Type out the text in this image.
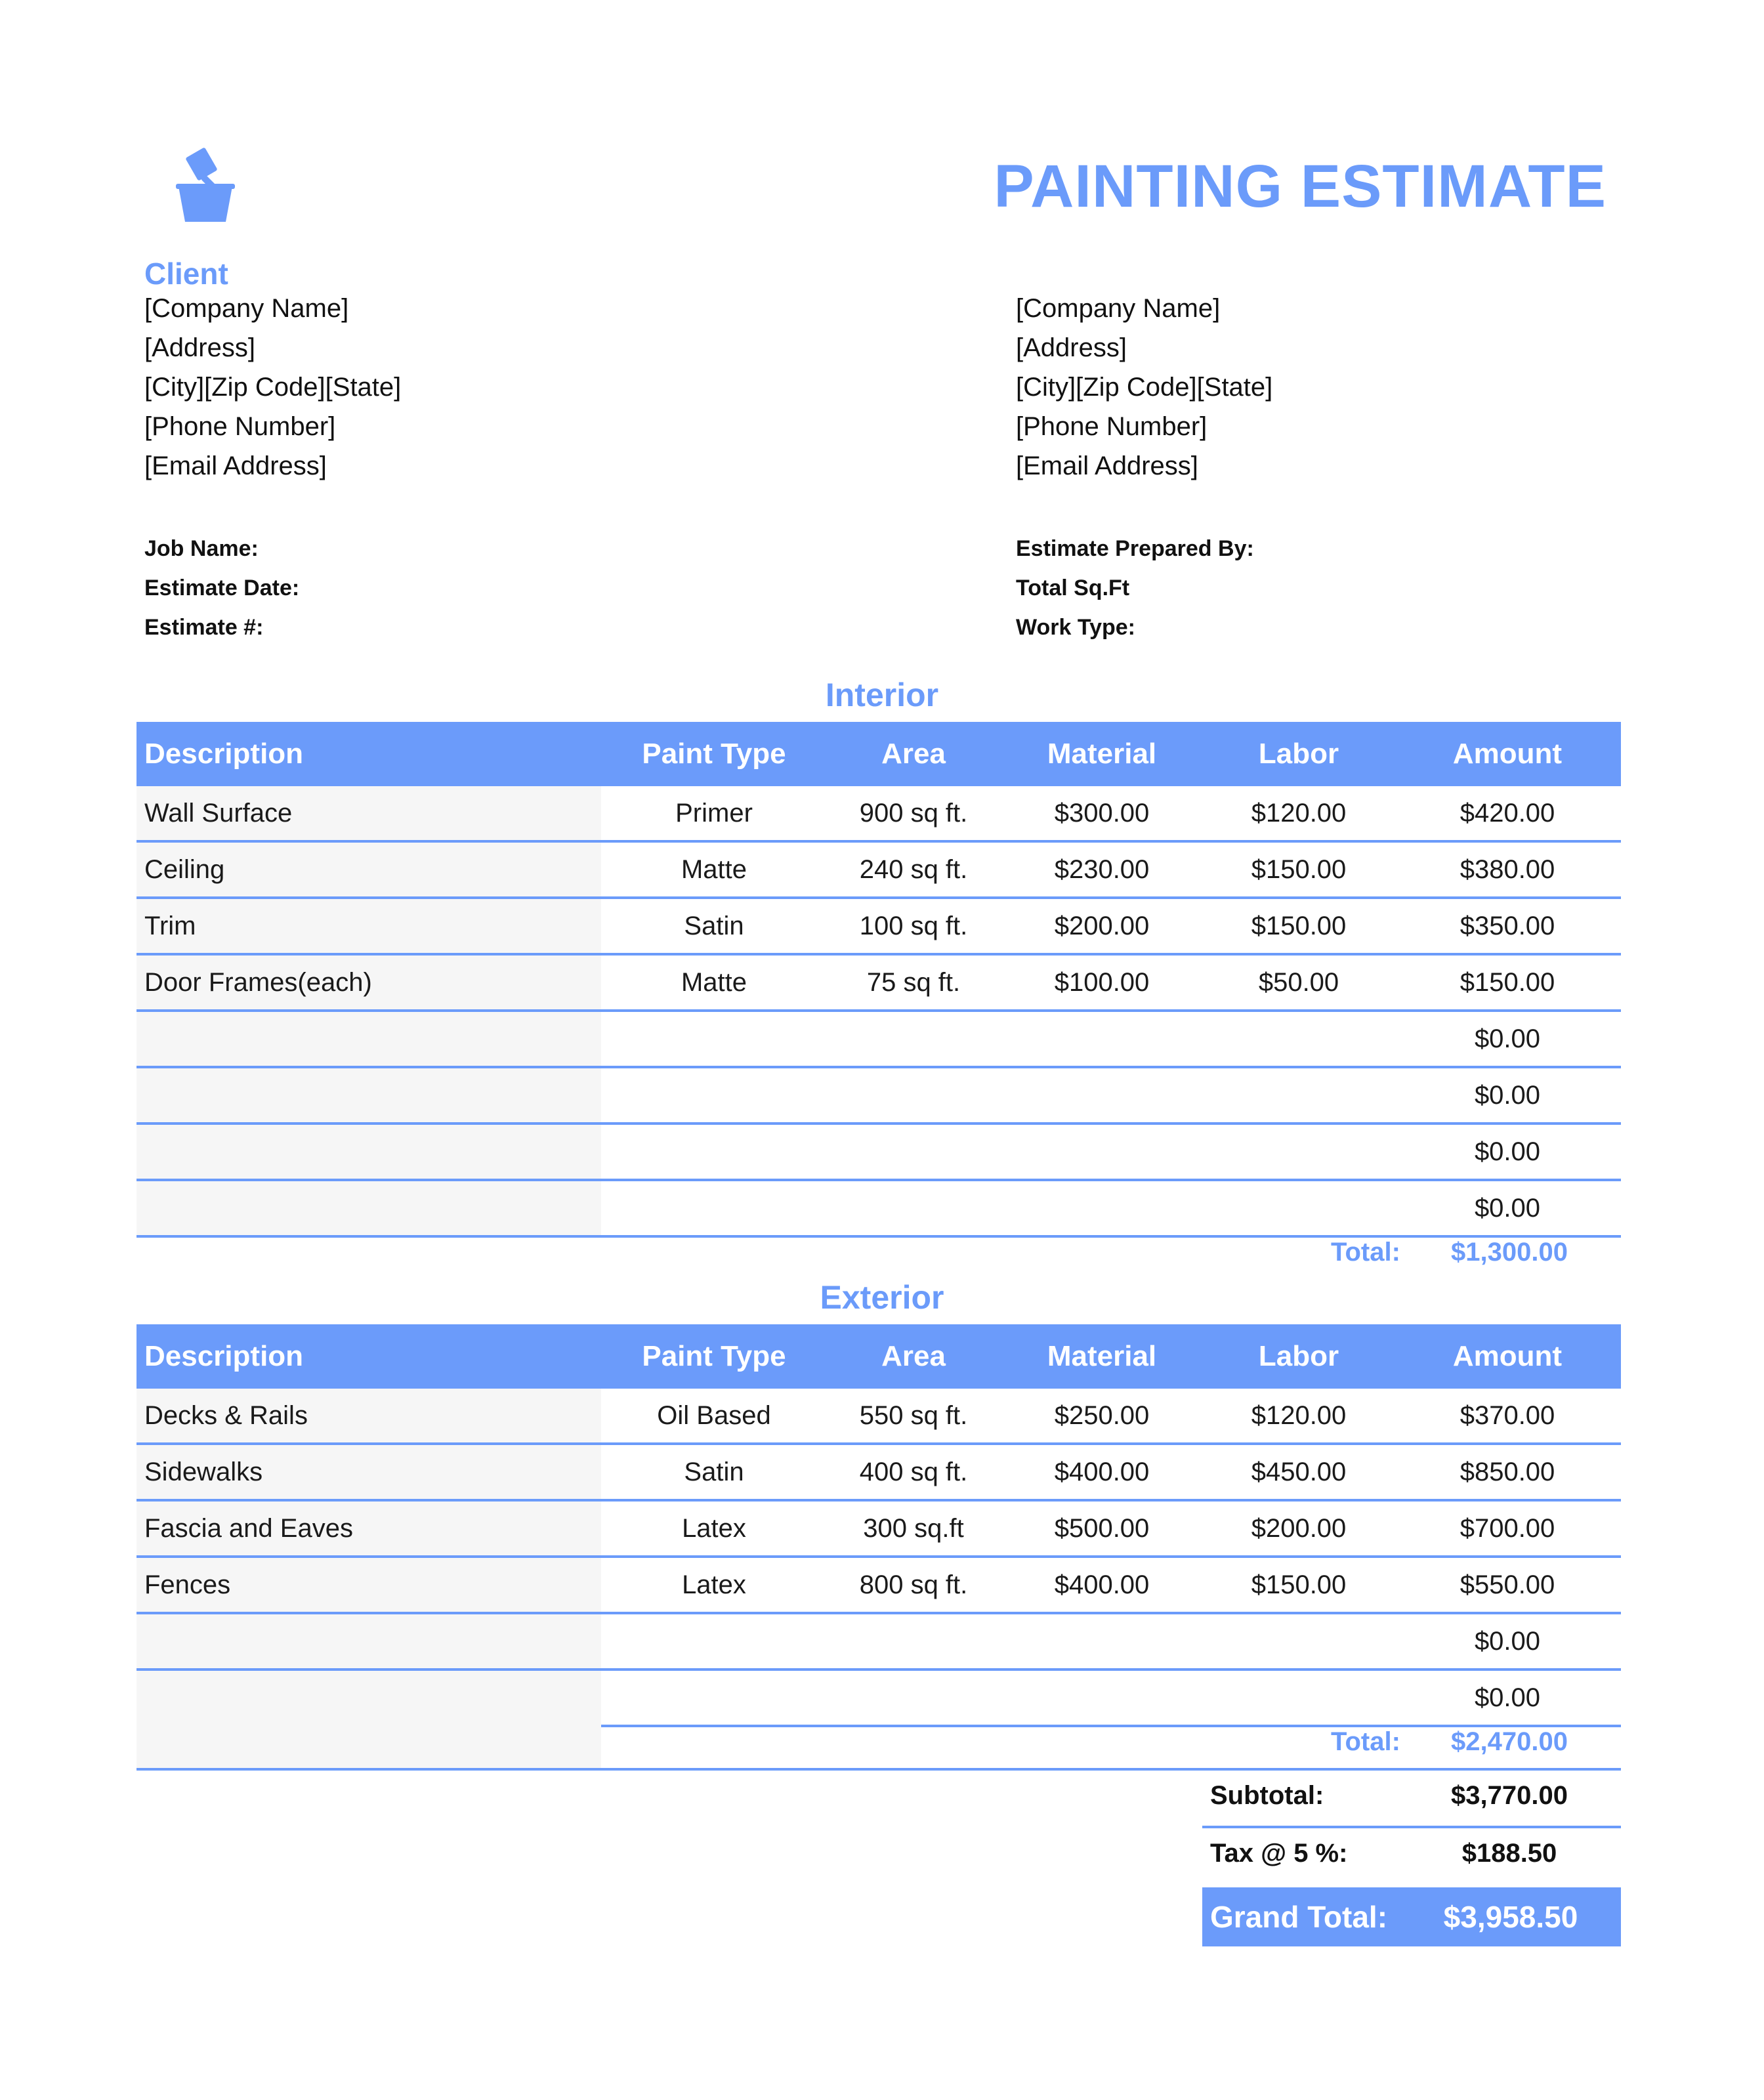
PAINTING ESTIMATE
Client
[Company Name]
[Address]
[City][Zip Code][State]
[Phone Number]
[Email Address]
[Company Name]
[Address]
[City][Zip Code][State]
[Phone Number]
[Email Address]
Job Name:
Estimate Date:
Estimate #:
Estimate Prepared By:
Total Sq.Ft
Work Type:
Interior
Description	Paint Type	Area	Material	Labor	Amount
Wall Surface	Primer	900 sq ft.	$300.00	$120.00	$420.00
Ceiling	Matte	240 sq ft.	$230.00	$150.00	$380.00
Trim	Satin	100 sq ft.	$200.00	$150.00	$350.00
Door Frames(each)	Matte	75 sq ft.	$100.00	$50.00	$150.00
					$0.00
					$0.00
					$0.00
					$0.00
Total:	$1,300.00
Exterior
Description	Paint Type	Area	Material	Labor	Amount
Decks & Rails	Oil Based	550 sq ft.	$250.00	$120.00	$370.00
Sidewalks	Satin	400 sq ft.	$400.00	$450.00	$850.00
Fascia and Eaves	Latex	300 sq.ft	$500.00	$200.00	$700.00
Fences	Latex	800 sq ft.	$400.00	$150.00	$550.00
					$0.00
					$0.00
Total:	$2,470.00
Subtotal:	$3,770.00
Tax @ 5 %:	$188.50
Grand Total:	$3,958.50
